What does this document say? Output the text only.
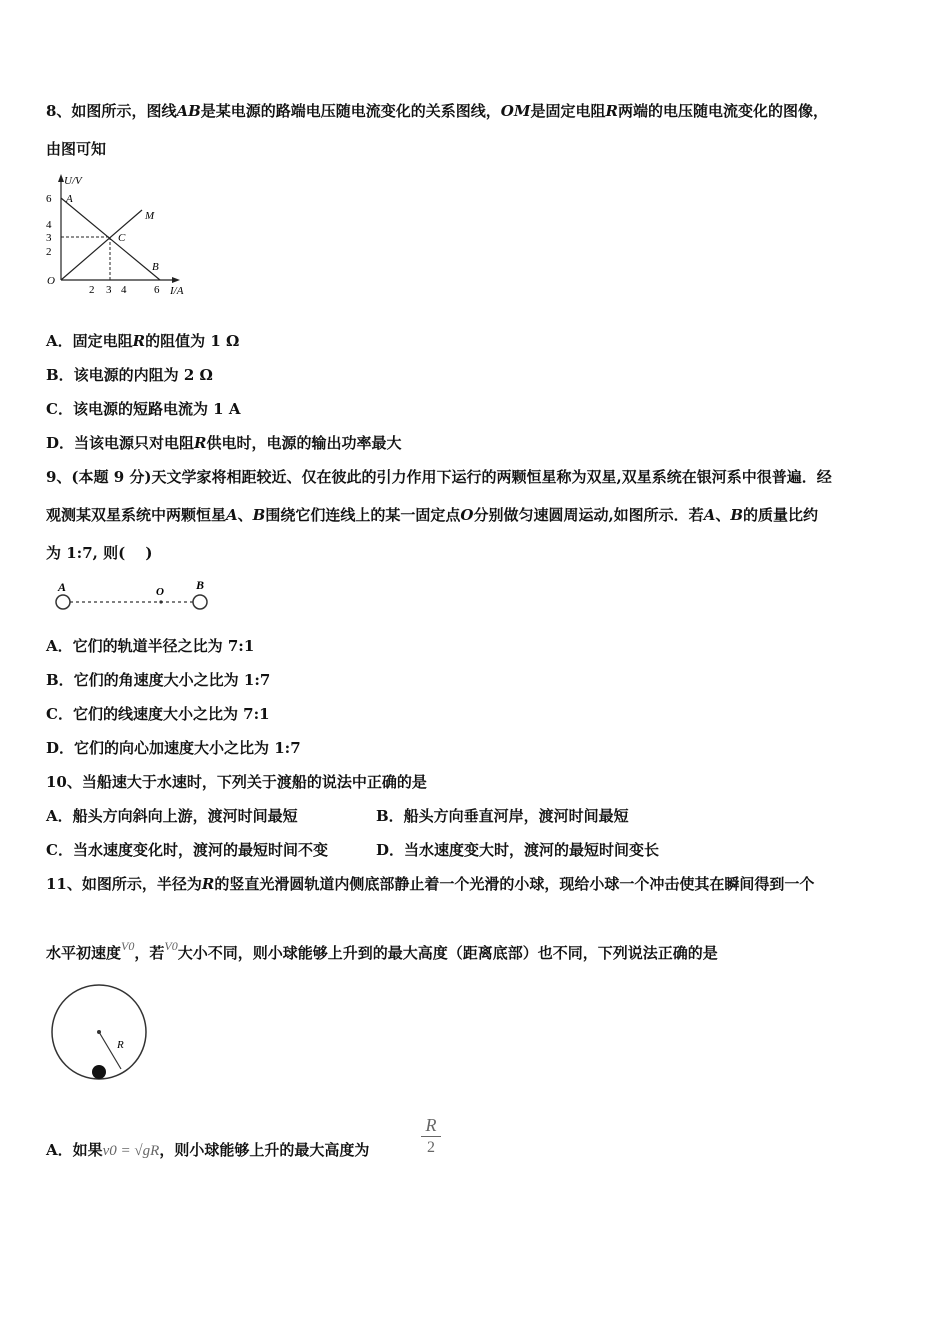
8、如图所示，图线AB是某电源的路端电压随电流变化的关系图线，OM是固定电阻R两端的电压随电流变化的图像，
由图可知
U/V
I/A
O
6
4
3
2
2 3 4	6
A
B
C
M
A．固定电阻R的阻值为 1 Ω
B．该电源的内阻为 2 Ω
C．该电源的短路电流为 1 A
D．当该电源只对电阻R供电时，电源的输出功率最大
9、(本题 9 分)天文学家将相距较近、仅在彼此的引力作用下运行的两颗恒星称为双星,双星系统在银河系中很普遍．经
观测某双星系统中两颗恒星A、B围绕它们连线上的某一固定点O分别做匀速圆周运动,如图所示．若A、B的质量比约
为 1:7, 则(　 )
A	O	B
A．它们的轨道半径之比为 7:1
B．它们的角速度大小之比为 1:7
C．它们的线速度大小之比为 7:1
D．它们的向心加速度大小之比为 1:7
10、当船速大于水速时，下列关于渡船的说法中正确的是
A．船头方向斜向上游，渡河时间最短	B．船头方向垂直河岸，渡河时间最短
C．当水速度变化时，渡河的最短时间不变	D．当水速度变大时，渡河的最短时间变长
11、如图所示，半径为R的竖直光滑圆轨道内侧底部静止着一个光滑的小球，现给小球一个冲击使其在瞬间得到一个
水平初速度$^{V0}$，若$^{V0}$大小不同，则小球能够上升到的最大高度（距离底部）也不同，下列说法正确的是
R
A．如果v0 = √gR，则小球能够上升的最大高度为	$\frac{R}{2}$
